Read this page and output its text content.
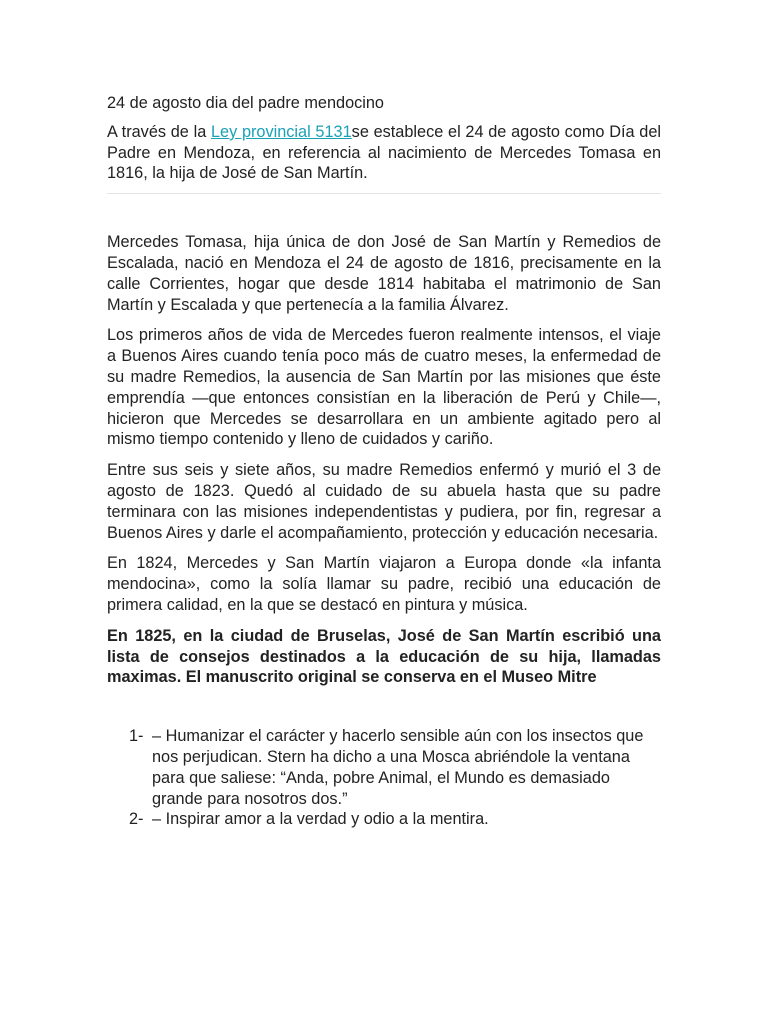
24 de agosto dia del padre mendocino

A través de la Ley provincial 5131se establece el 24 de agosto como Día del Padre en Mendoza, en referencia al nacimiento de Mercedes Tomasa en 1816, la hija de José de San Martín.

Mercedes Tomasa, hija única de don José de San Martín y Remedios de Escalada, nació en Mendoza el 24 de agosto de 1816, precisamente en la calle Corrientes, hogar que desde 1814 habitaba el matrimonio de San Martín y Escalada y que pertenecía a la familia Álvarez.

Los primeros años de vida de Mercedes fueron realmente intensos, el viaje a Buenos Aires cuando tenía poco más de cuatro meses, la enfermedad de su madre Remedios, la ausencia de San Martín por las misiones que éste emprendía —que entonces consistían en la liberación de Perú y Chile—, hicieron que Mercedes se desarrollara en un ambiente agitado pero al mismo tiempo contenido y lleno de cuidados y cariño.

Entre sus seis y siete años, su madre Remedios enfermó y murió el 3 de agosto de 1823. Quedó al cuidado de su abuela hasta que su padre terminara con las misiones independentistas y pudiera, por fin, regresar a Buenos Aires y darle el acompañamiento, protección y educación necesaria.

En 1824, Mercedes y San Martín viajaron a Europa donde «la infanta mendocina», como la solía llamar su padre, recibió una educación de primera calidad, en la que se destacó en pintura y música.

En 1825, en la ciudad de Bruselas, José de San Martín escribió una lista de consejos destinados a la educación de su hija, llamadas maximas. El manuscrito original se conserva en el Museo Mitre

1- – Humanizar el carácter y hacerlo sensible aún con los insectos que nos perjudican. Stern ha dicho a una Mosca abriéndole la ventana para que saliese: “Anda, pobre Animal, el Mundo es demasiado grande para nosotros dos.”
2- – Inspirar amor a la verdad y odio a la mentira.
